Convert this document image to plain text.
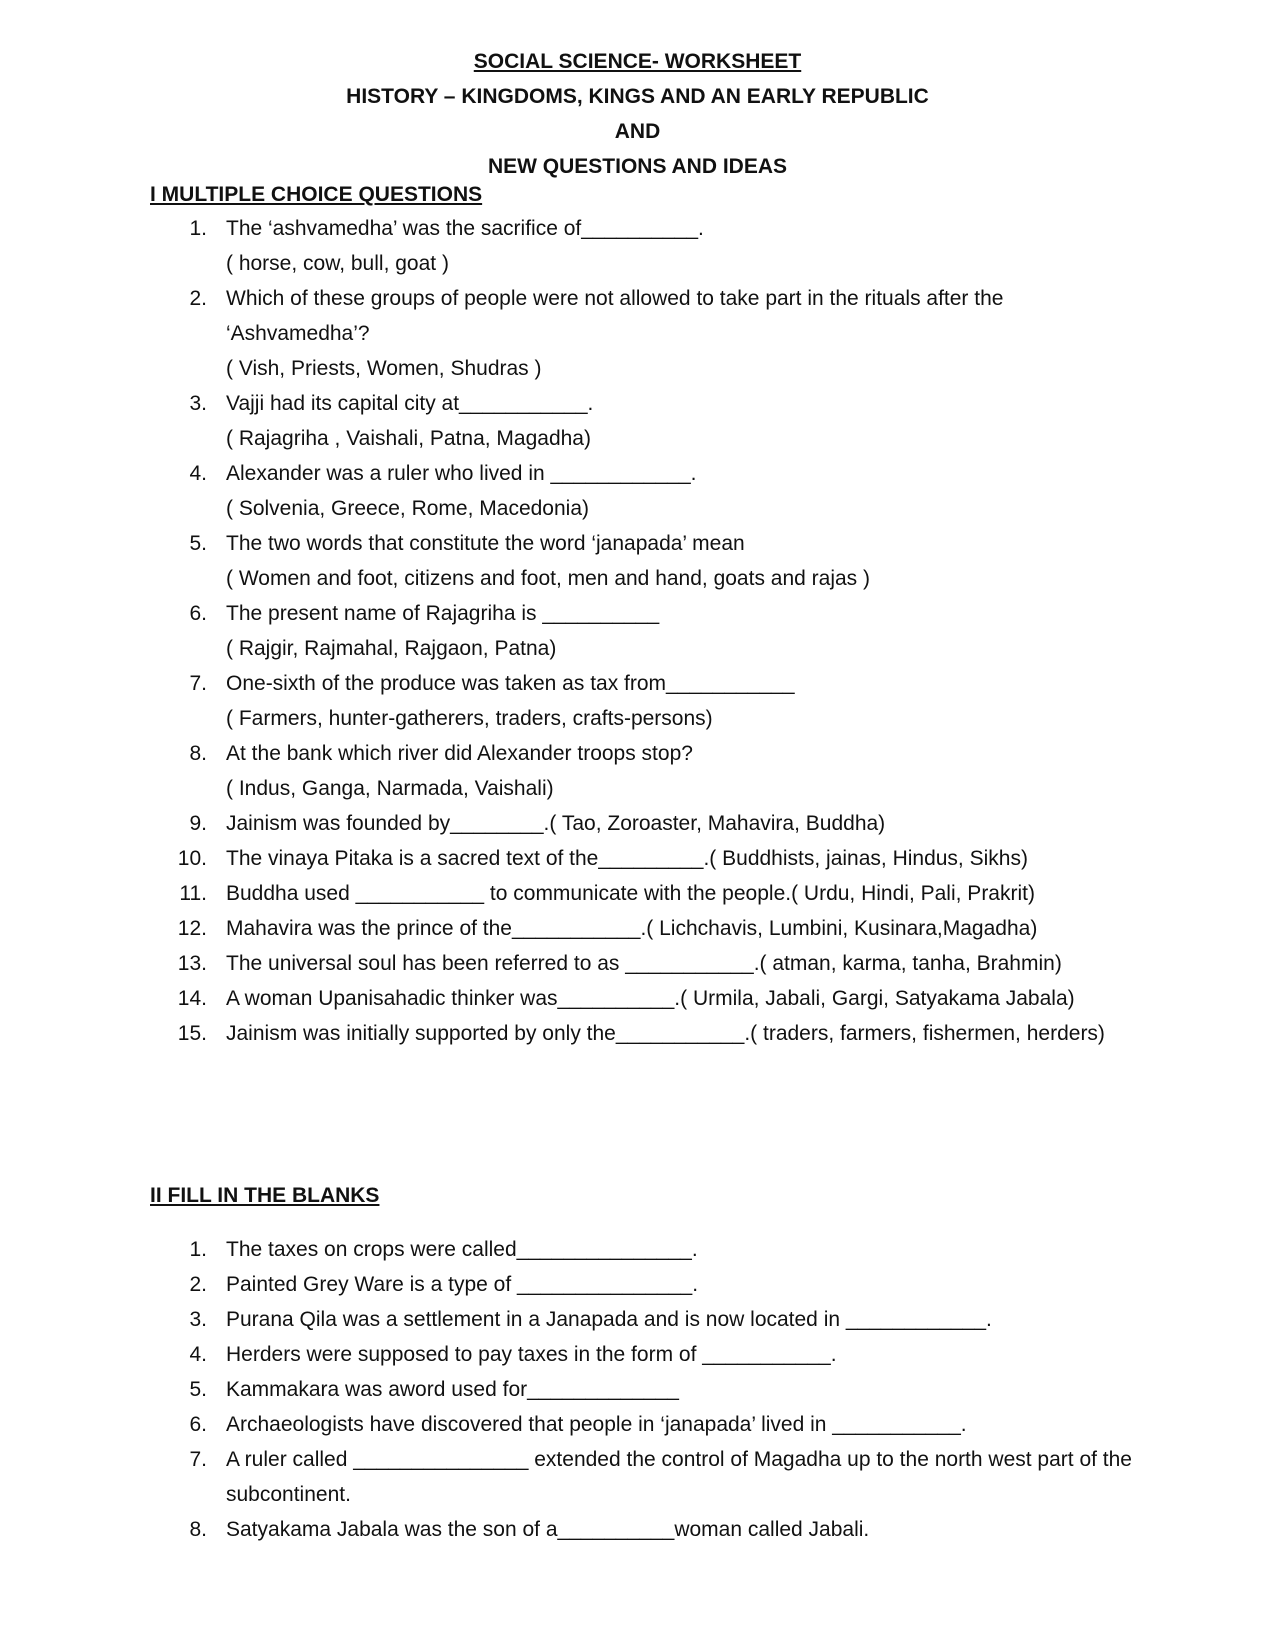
SOCIAL SCIENCE- WORKSHEET
HISTORY – KINGDOMS, KINGS AND AN EARLY REPUBLIC
AND
NEW QUESTIONS AND IDEAS
I MULTIPLE CHOICE QUESTIONS
1. The ‘ashvamedha’ was the sacrifice of__________.
( horse, cow, bull, goat )
2. Which of these groups of people were not allowed to take part in the rituals after the ‘Ashvamedha’?
( Vish, Priests, Women, Shudras )
3. Vajji had its capital city at___________.
( Rajagriha , Vaishali, Patna, Magadha)
4. Alexander was a ruler who lived in ____________.
( Solvenia, Greece, Rome, Macedonia)
5. The two words that constitute the word ‘janapada’ mean
( Women and foot, citizens and foot, men and hand, goats and rajas )
6. The present name of Rajagriha is __________
( Rajgir, Rajmahal, Rajgaon, Patna)
7. One-sixth of the produce was taken as tax from___________
( Farmers, hunter-gatherers, traders, crafts-persons)
8. At the bank which river did Alexander troops stop?
( Indus, Ganga, Narmada, Vaishali)
9. Jainism was founded by________.( Tao, Zoroaster, Mahavira, Buddha)
10. The vinaya Pitaka is a sacred text of the_________.( Buddhists, jainas, Hindus, Sikhs)
11. Buddha used ___________ to communicate with the people.( Urdu, Hindi, Pali, Prakrit)
12. Mahavira was the prince of the___________.( Lichchavis, Lumbini, Kusinara,Magadha)
13. The universal soul has been referred to as ___________.( atman, karma, tanha, Brahmin)
14. A woman Upanisahadic thinker was__________.( Urmila, Jabali, Gargi, Satyakama Jabala)
15. Jainism was initially supported by only the___________.( traders, farmers, fishermen, herders)
II FILL IN THE BLANKS
1. The taxes on crops were called_______________.
2. Painted Grey Ware is a type of _______________.
3. Purana Qila was a settlement in a Janapada and is now located in ____________.
4. Herders were supposed to pay taxes in the form of ___________.
5. Kammakara was aword used for_____________
6. Archaeologists have discovered that people in ‘janapada’ lived in ___________.
7. A ruler called _______________ extended the control of Magadha up to the north west part of the subcontinent.
8. Satyakama Jabala was the son of a__________woman called Jabali.
